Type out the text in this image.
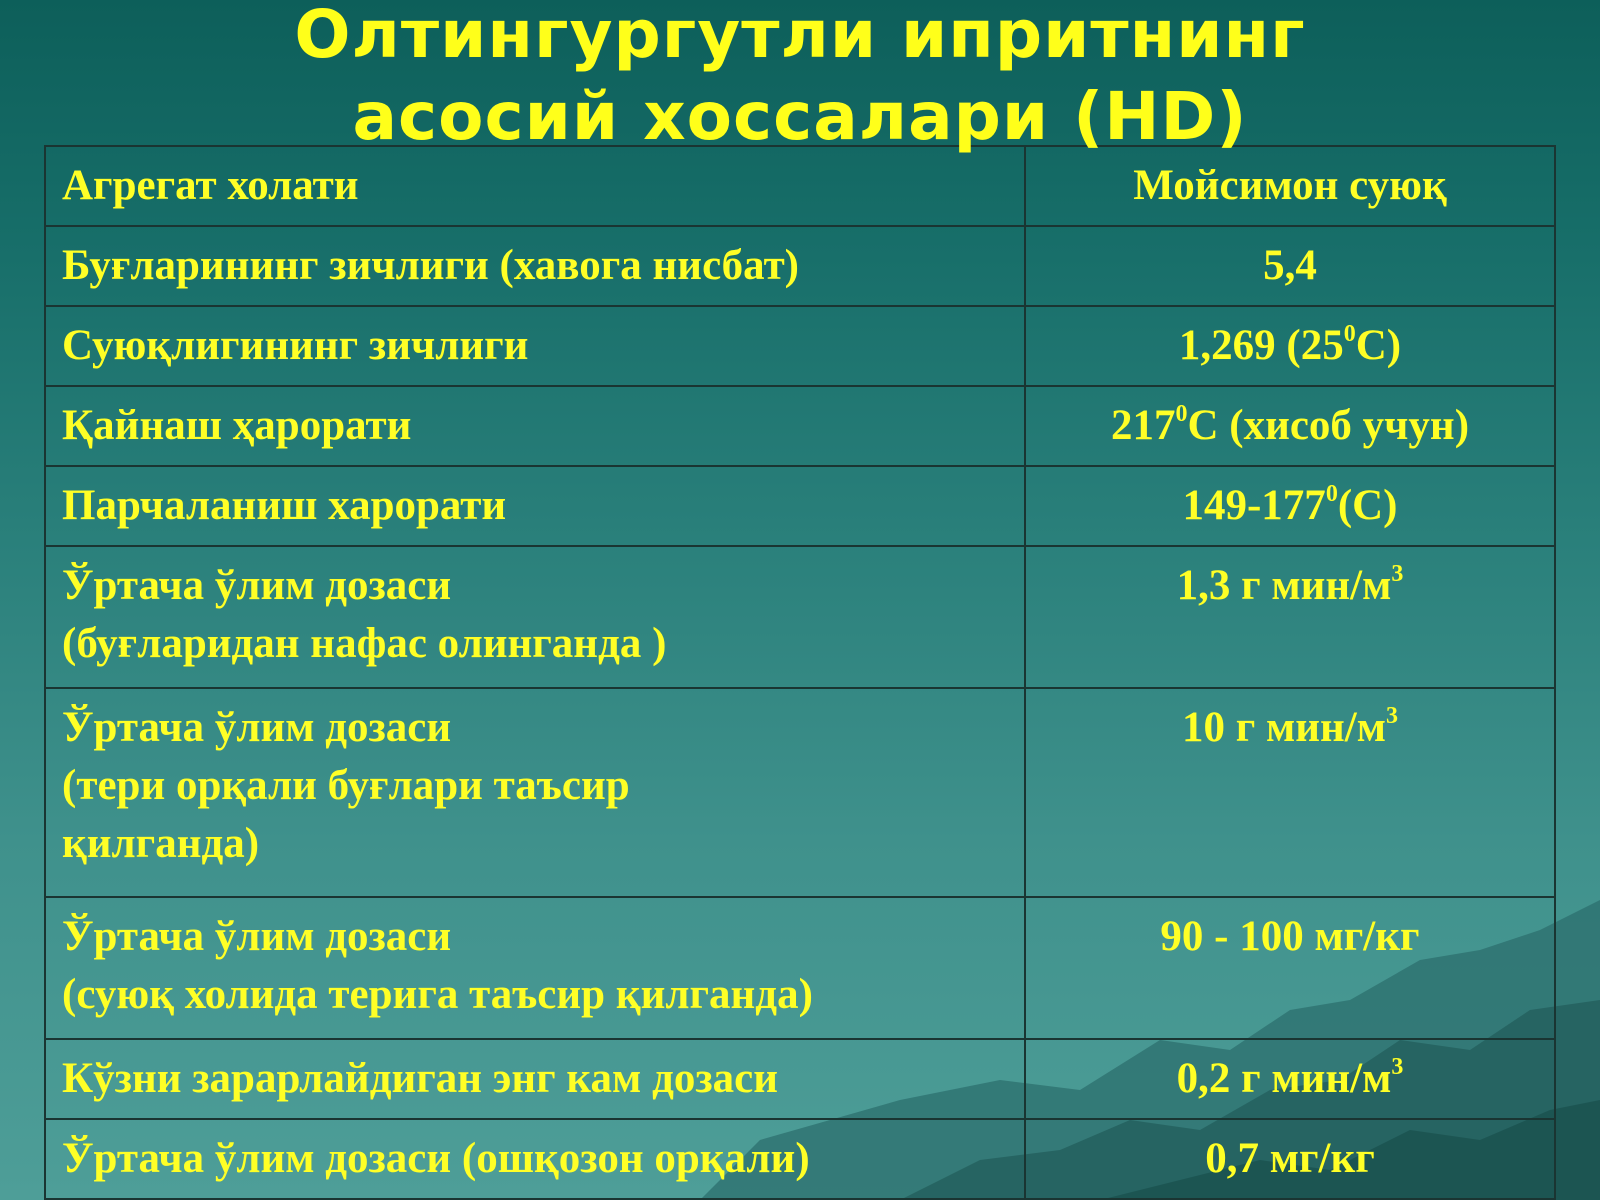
Олтингургутли ипритнинг
асосий хоссалари (HD)
Агрегат холати	Мойсимон суюқ

Буғларининг зичлиги (хавога нисбат)	5,4

Суюқлигининг зичлиги	1,269 $(25^0С)$

Қайнаш ҳарорати	$217^0С$ (хисоб учун)

Парчаланиш харорати	$149-177^0(С)$

Ўртача ўлим дозаси
(буғларидан нафас олинганда )	1,3 г мин/$м^3$

Ўртача ўлим дозаси
(тери орқали буғлари таъсир
қилганда)	10 г мин/$м^3$

Ўртача ўлим дозаси
(суюқ холида терига таъсир қилганда)	90 - 100 мг/кг

Кўзни зарарлайдиган энг кам дозаси	0,2 г мин/$м^3$

Ўртача ўлим дозаси (ошқозон орқали)	0,7 мг/кг
